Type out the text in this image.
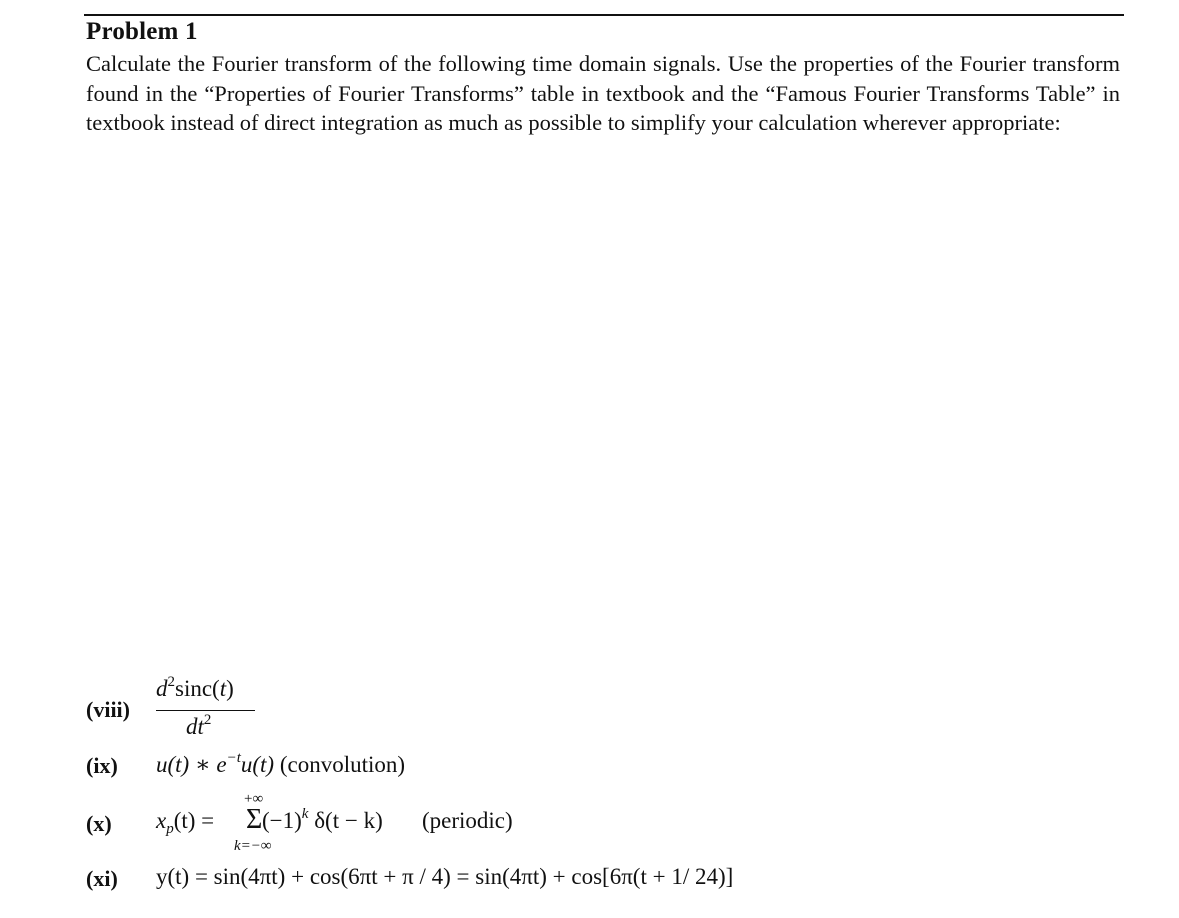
Problem 1
Calculate the Fourier transform of the following time domain signals. Use the properties of the Fourier transform found in the “Properties of Fourier Transforms” table in textbook and the “Famous Fourier Transforms Table” in textbook instead of direct integration as much as possible to simplify your calculation wherever appropriate:
(viii)
$d^2\sin c(t)$
$dt^2$
(ix) u(t) ∗ $e^{-t}u(t)$ (convolution)
(x)
+∞
$x_p(t) = \Sigma$ $(-1)^k$ δ(t − k) (periodic)
k=−∞
(xi) y(t) = sin(4πt) + cos(6πt + π / 4) = sin(4πt) + cos[6π(t + 1/ 24)]
